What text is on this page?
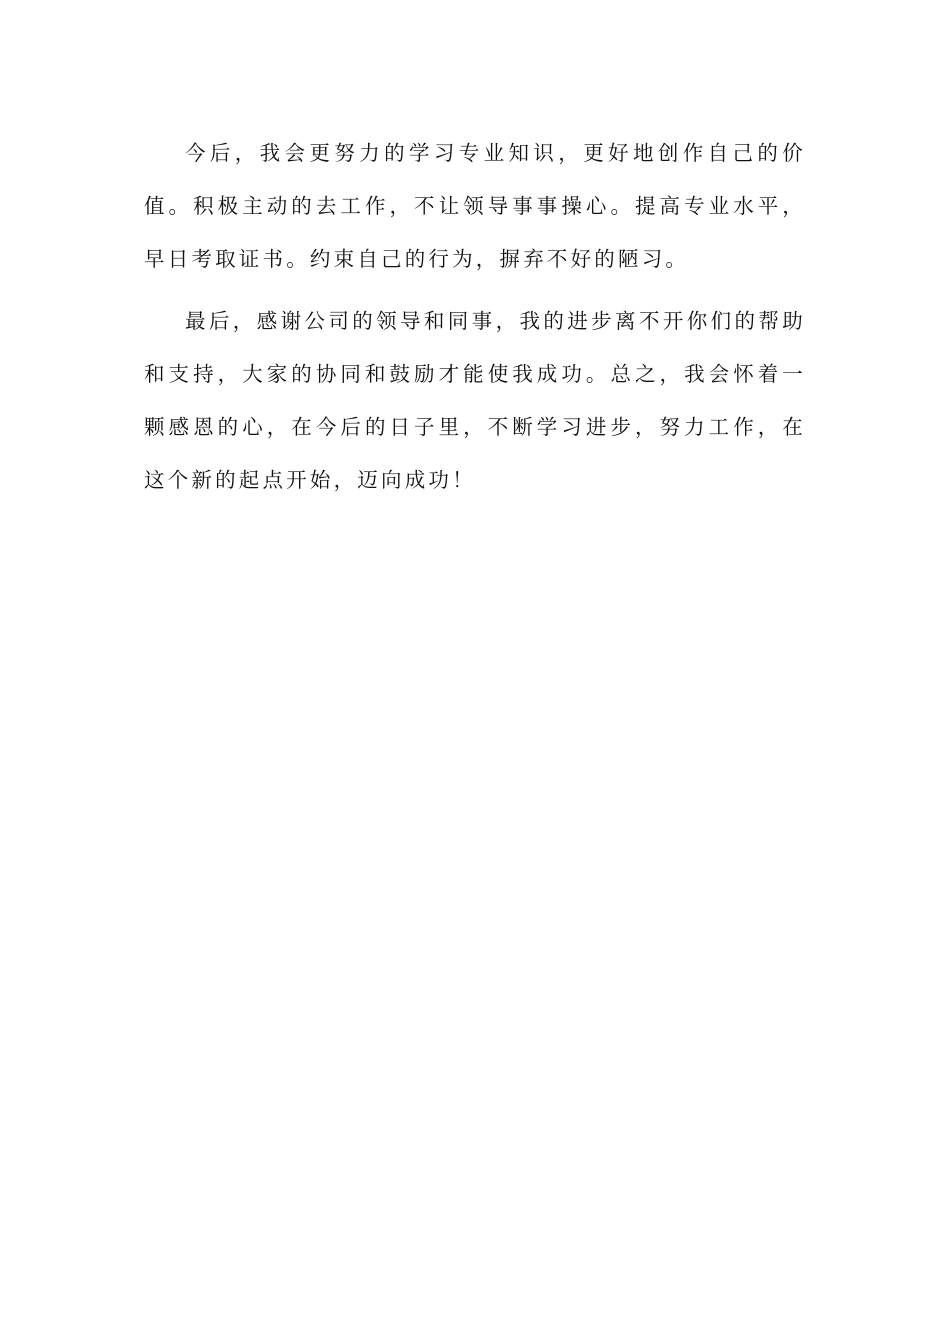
今后，我会更努力的学习专业知识，更好地创作自己的价值。积极主动的去工作，不让领导事事操心。提高专业水平，早日考取证书。约束自己的行为，摒弃不好的陋习。

最后，感谢公司的领导和同事，我的进步离不开你们的帮助和支持，大家的协同和鼓励才能使我成功。总之，我会怀着一颗感恩的心，在今后的日子里，不断学习进步，努力工作，在这个新的起点开始，迈向成功！
